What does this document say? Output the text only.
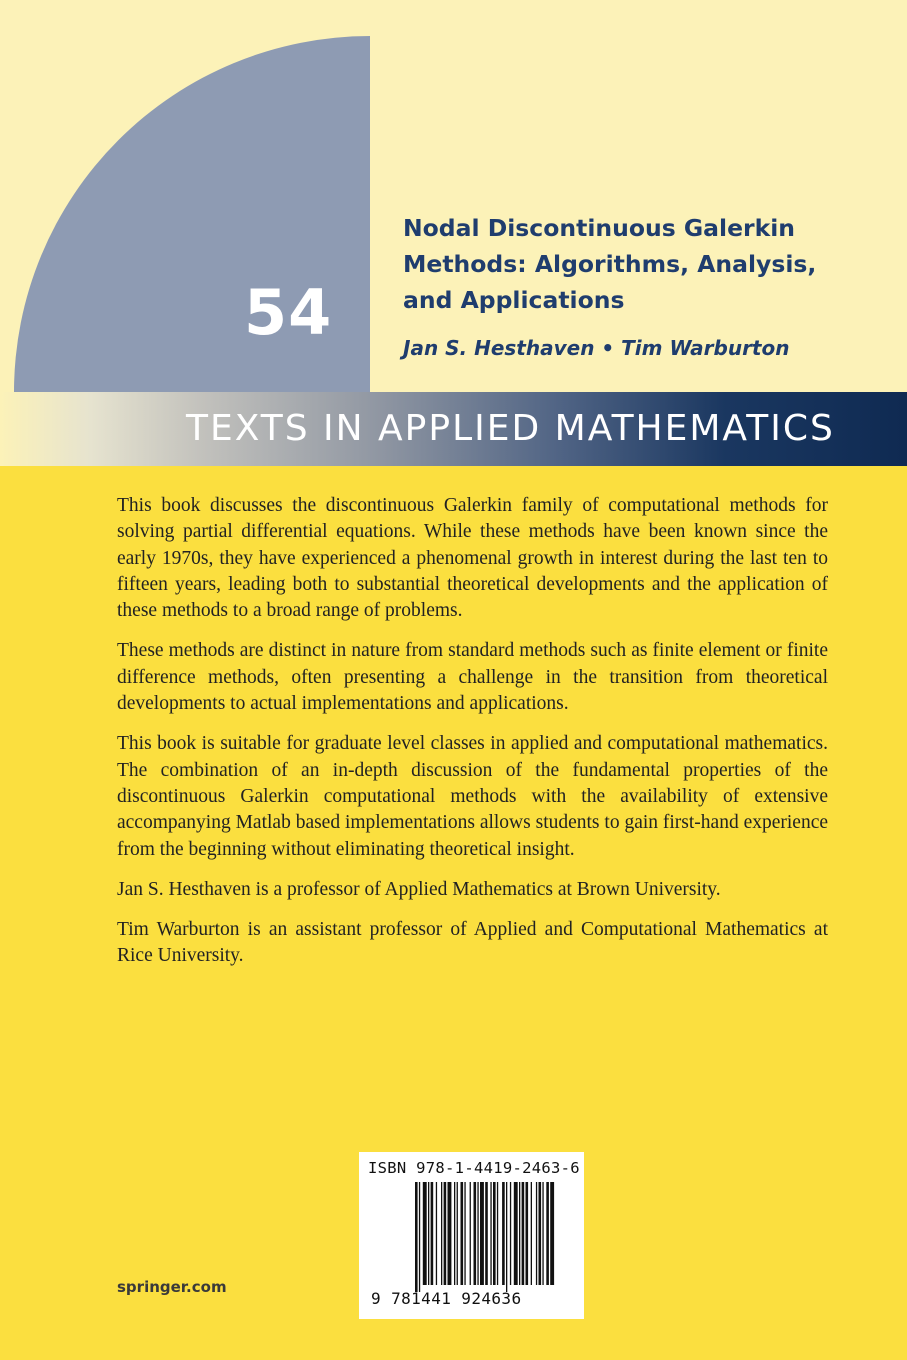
54
Nodal Discontinuous Galerkin Methods: Algorithms, Analysis, and Applications
Jan S. Hesthaven • Tim Warburton
TEXTS IN APPLIED MATHEMATICS

This book discusses the discontinuous Galerkin family of computational methods for solving partial differential equations. While these methods have been known since the early 1970s, they have experienced a phenomenal growth in interest during the last ten to fifteen years, leading both to substantial theoretical developments and the application of these methods to a broad range of problems.

These methods are distinct in nature from standard methods such as finite element or finite difference methods, often presenting a challenge in the transition from theoretical developments to actual implementations and applications.

This book is suitable for graduate level classes in applied and computational mathematics. The combination of an in-depth discussion of the fundamental properties of the discontinuous Galerkin computational methods with the availability of extensive accompanying Matlab based implementations allows students to gain first-hand experience from the beginning without eliminating theoretical insight.

Jan S. Hesthaven is a professor of Applied Mathematics at Brown University.

Tim Warburton is an assistant professor of Applied and Computational Mathematics at Rice University.

ISBN 978-1-4419-2463-6
9 781441 924636
springer.com
